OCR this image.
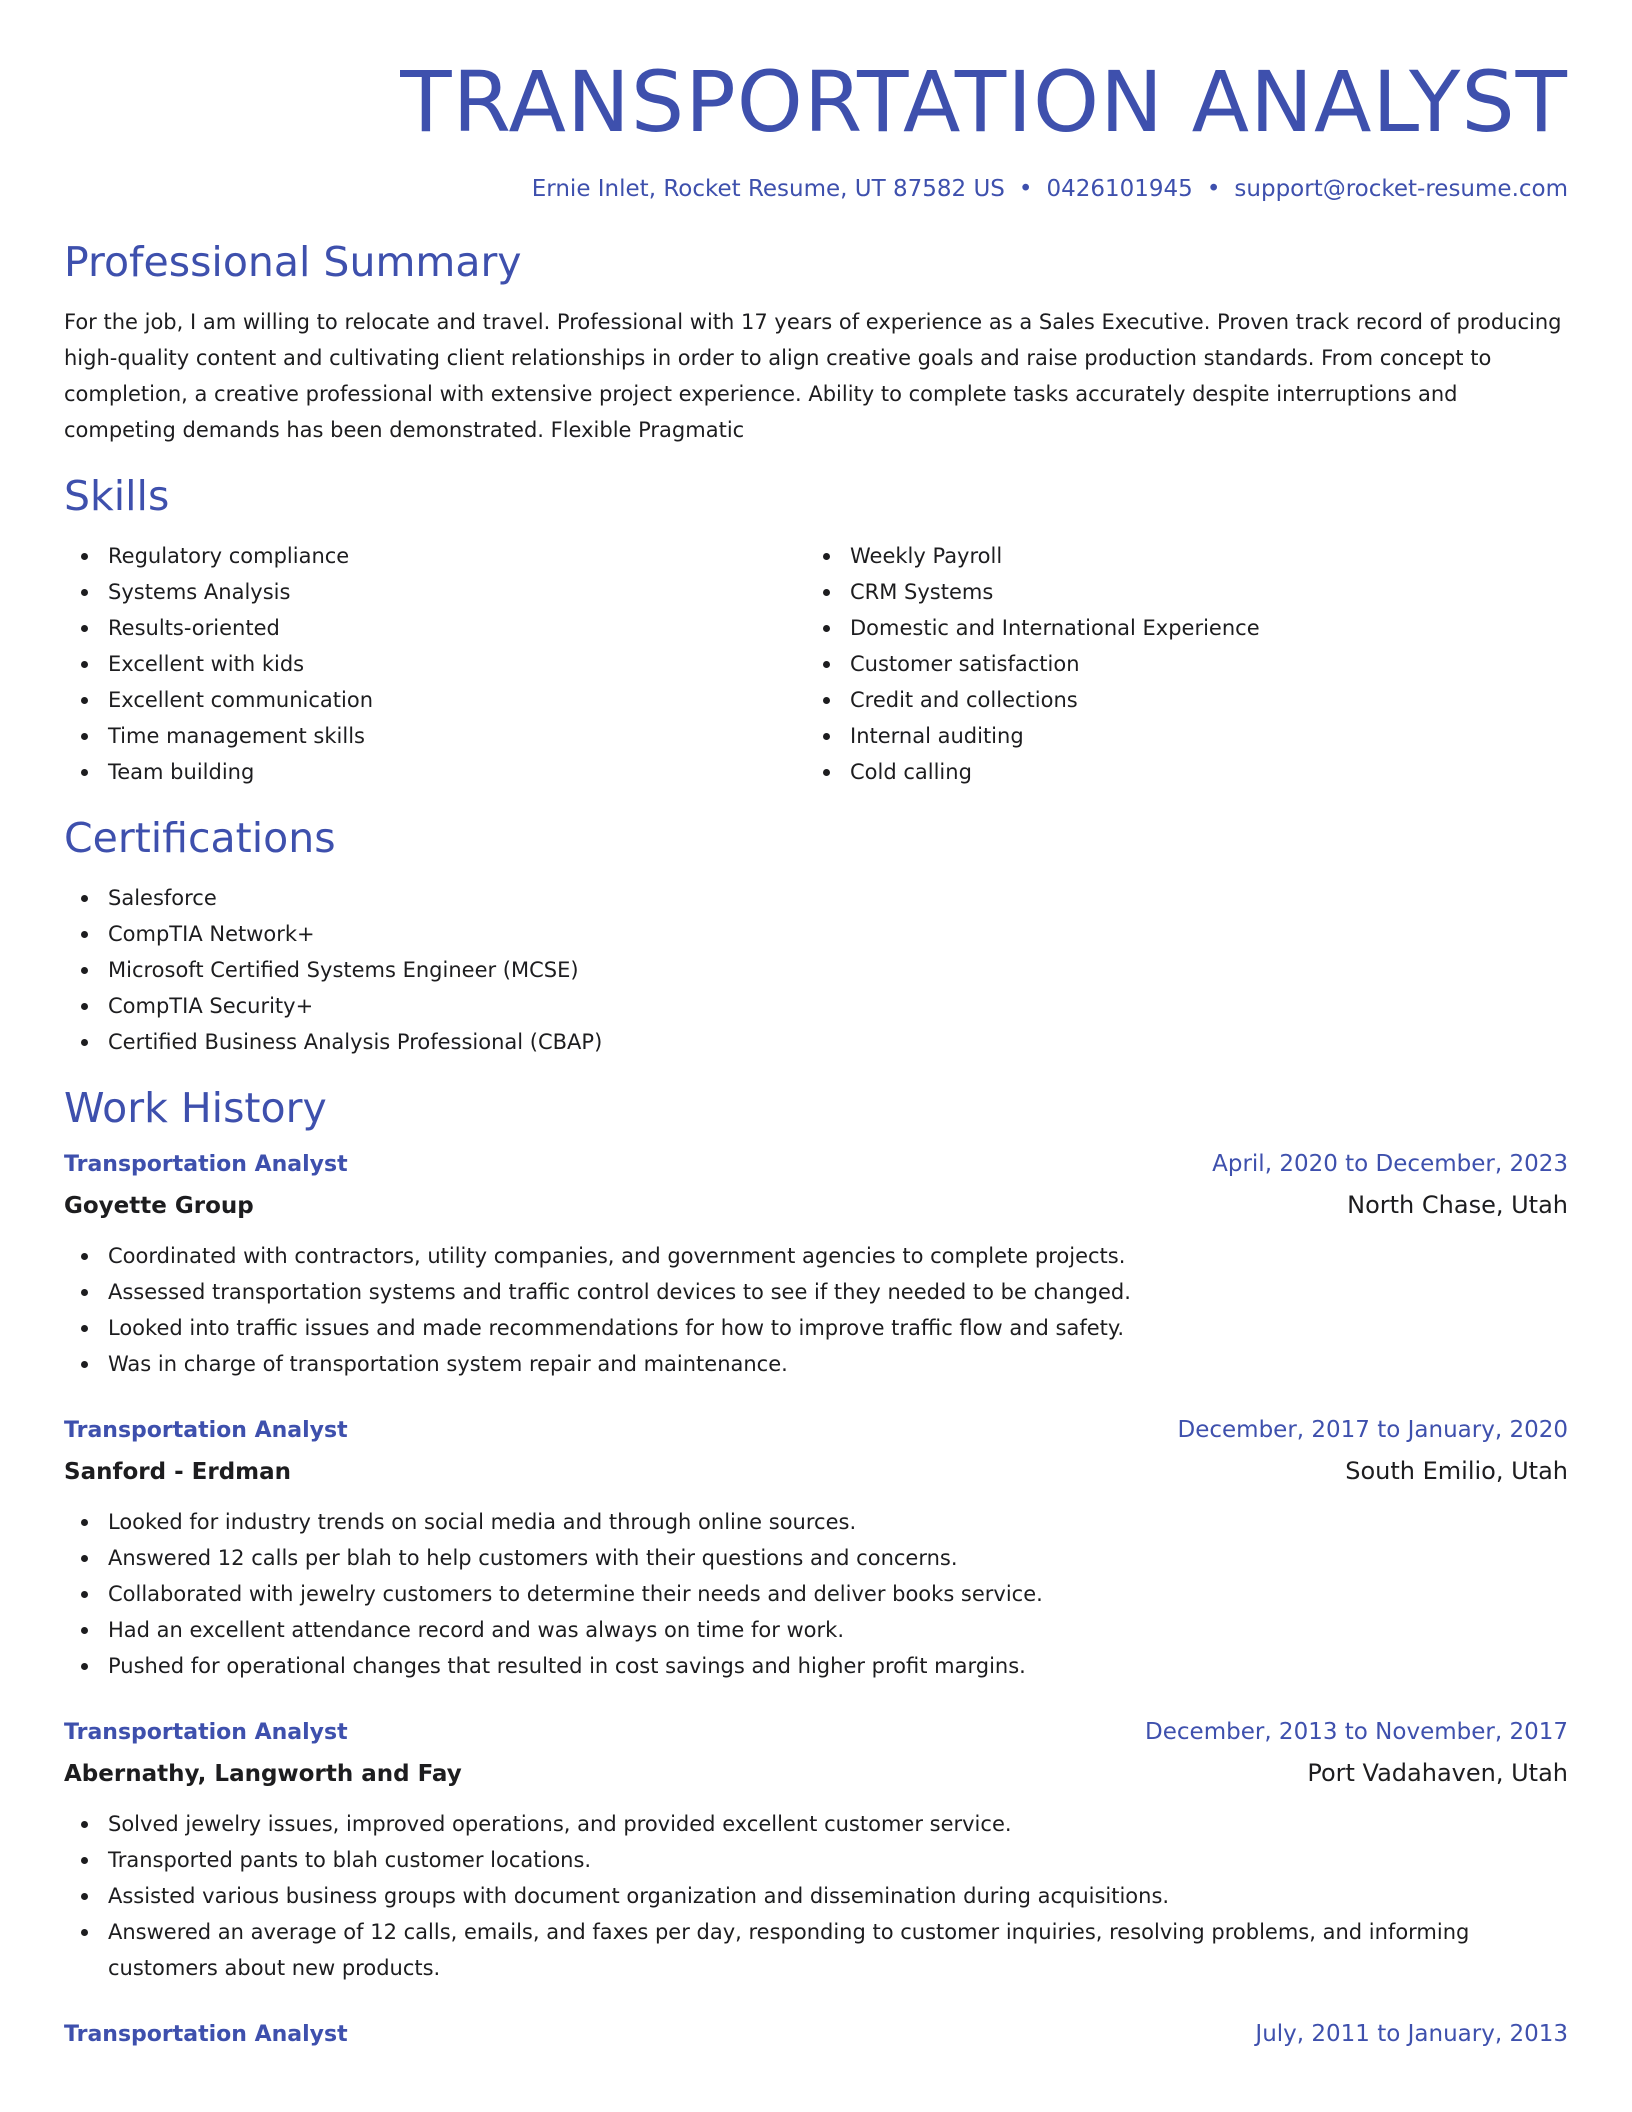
TRANSPORTATION ANALYST
Ernie Inlet, Rocket Resume, UT 87582 US • 0426101945 • support@rocket-resume.com
Professional Summary

For the job, I am willing to relocate and travel. Professional with 17 years of experience as a Sales Executive. Proven track record of producing high-quality content and cultivating client relationships in order to align creative goals and raise production standards. From concept to completion, a creative professional with extensive project experience. Ability to complete tasks accurately despite interruptions and competing demands has been demonstrated. Flexible Pragmatic

Skills
Regulatory compliance
Systems Analysis
Results-oriented
Excellent with kids
Excellent communication
Time management skills
Team building
Weekly Payroll
CRM Systems
Domestic and International Experience
Customer satisfaction
Credit and collections
Internal auditing
Cold calling
Certifications
Salesforce
CompTIA Network+
Microsoft Certified Systems Engineer (MCSE)
CompTIA Security+
Certified Business Analysis Professional (CBAP)
Work History
Transportation Analyst	April, 2020 to December, 2023
Goyette Group	North Chase, Utah
Coordinated with contractors, utility companies, and government agencies to complete projects.
Assessed transportation systems and traffic control devices to see if they needed to be changed.
Looked into traffic issues and made recommendations for how to improve traffic flow and safety.
Was in charge of transportation system repair and maintenance.
Transportation Analyst	December, 2017 to January, 2020
Sanford - Erdman	South Emilio, Utah
Looked for industry trends on social media and through online sources.
Answered 12 calls per blah to help customers with their questions and concerns.
Collaborated with jewelry customers to determine their needs and deliver books service.
Had an excellent attendance record and was always on time for work.
Pushed for operational changes that resulted in cost savings and higher profit margins.
Transportation Analyst	December, 2013 to November, 2017
Abernathy, Langworth and Fay	Port Vadahaven, Utah
Solved jewelry issues, improved operations, and provided excellent customer service.
Transported pants to blah customer locations.
Assisted various business groups with document organization and dissemination during acquisitions.
Answered an average of 12 calls, emails, and faxes per day, responding to customer inquiries, resolving problems, and informing customers about new products.
Transportation Analyst	July, 2011 to January, 2013
